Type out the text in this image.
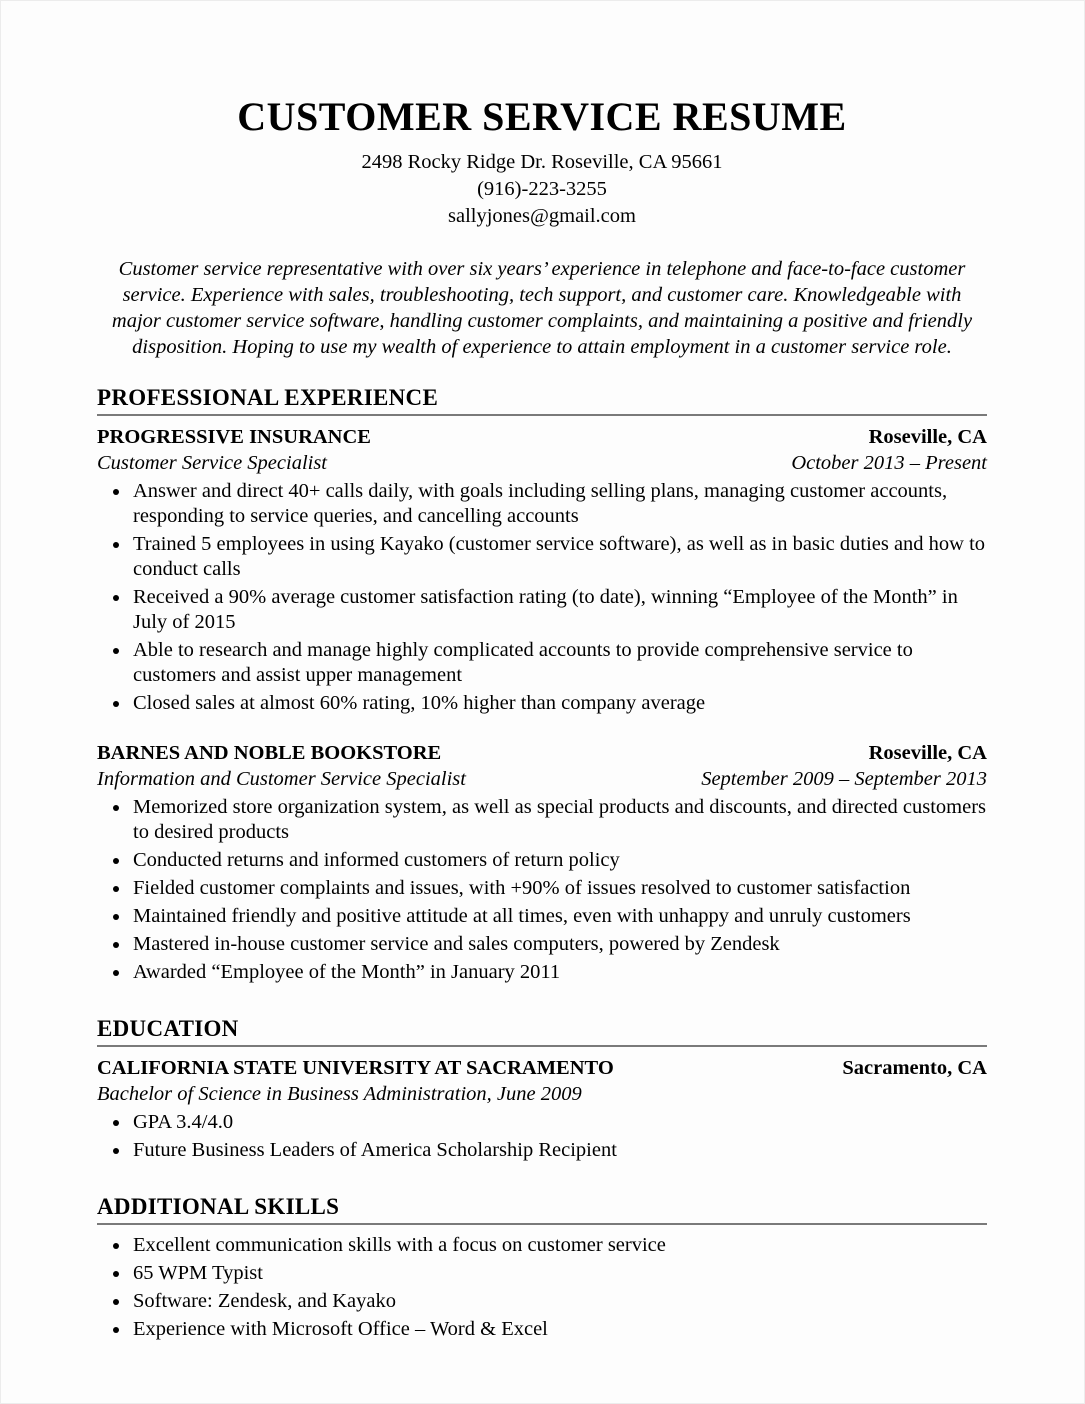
CUSTOMER SERVICE RESUME
2498 Rocky Ridge Dr. Roseville, CA 95661
(916)-223-3255
sallyjones@gmail.com

Customer service representative with over six years’ experience in telephone and face-to-face customer service. Experience with sales, troubleshooting, tech support, and customer care. Knowledgeable with major customer service software, handling customer complaints, and maintaining a positive and friendly disposition. Hoping to use my wealth of experience to attain employment in a customer service role.

PROFESSIONAL EXPERIENCE
PROGRESSIVE INSURANCE	Roseville, CA
Customer Service Specialist	October 2013 – Present
• Answer and direct 40+ calls daily, with goals including selling plans, managing customer accounts, responding to service queries, and cancelling accounts
• Trained 5 employees in using Kayako (customer service software), as well as in basic duties and how to conduct calls
• Received a 90% average customer satisfaction rating (to date), winning “Employee of the Month” in July of 2015
• Able to research and manage highly complicated accounts to provide comprehensive service to customers and assist upper management
• Closed sales at almost 60% rating, 10% higher than company average
BARNES AND NOBLE BOOKSTORE	Roseville, CA
Information and Customer Service Specialist	September 2009 – September 2013
• Memorized store organization system, as well as special products and discounts, and directed customers to desired products
• Conducted returns and informed customers of return policy
• Fielded customer complaints and issues, with +90% of issues resolved to customer satisfaction
• Maintained friendly and positive attitude at all times, even with unhappy and unruly customers
• Mastered in-house customer service and sales computers, powered by Zendesk
• Awarded “Employee of the Month” in January 2011
EDUCATION
CALIFORNIA STATE UNIVERSITY AT SACRAMENTO	Sacramento, CA
Bachelor of Science in Business Administration, June 2009
• GPA 3.4/4.0
• Future Business Leaders of America Scholarship Recipient
ADDITIONAL SKILLS
• Excellent communication skills with a focus on customer service
• 65 WPM Typist
• Software: Zendesk, and Kayako
• Experience with Microsoft Office – Word & Excel
